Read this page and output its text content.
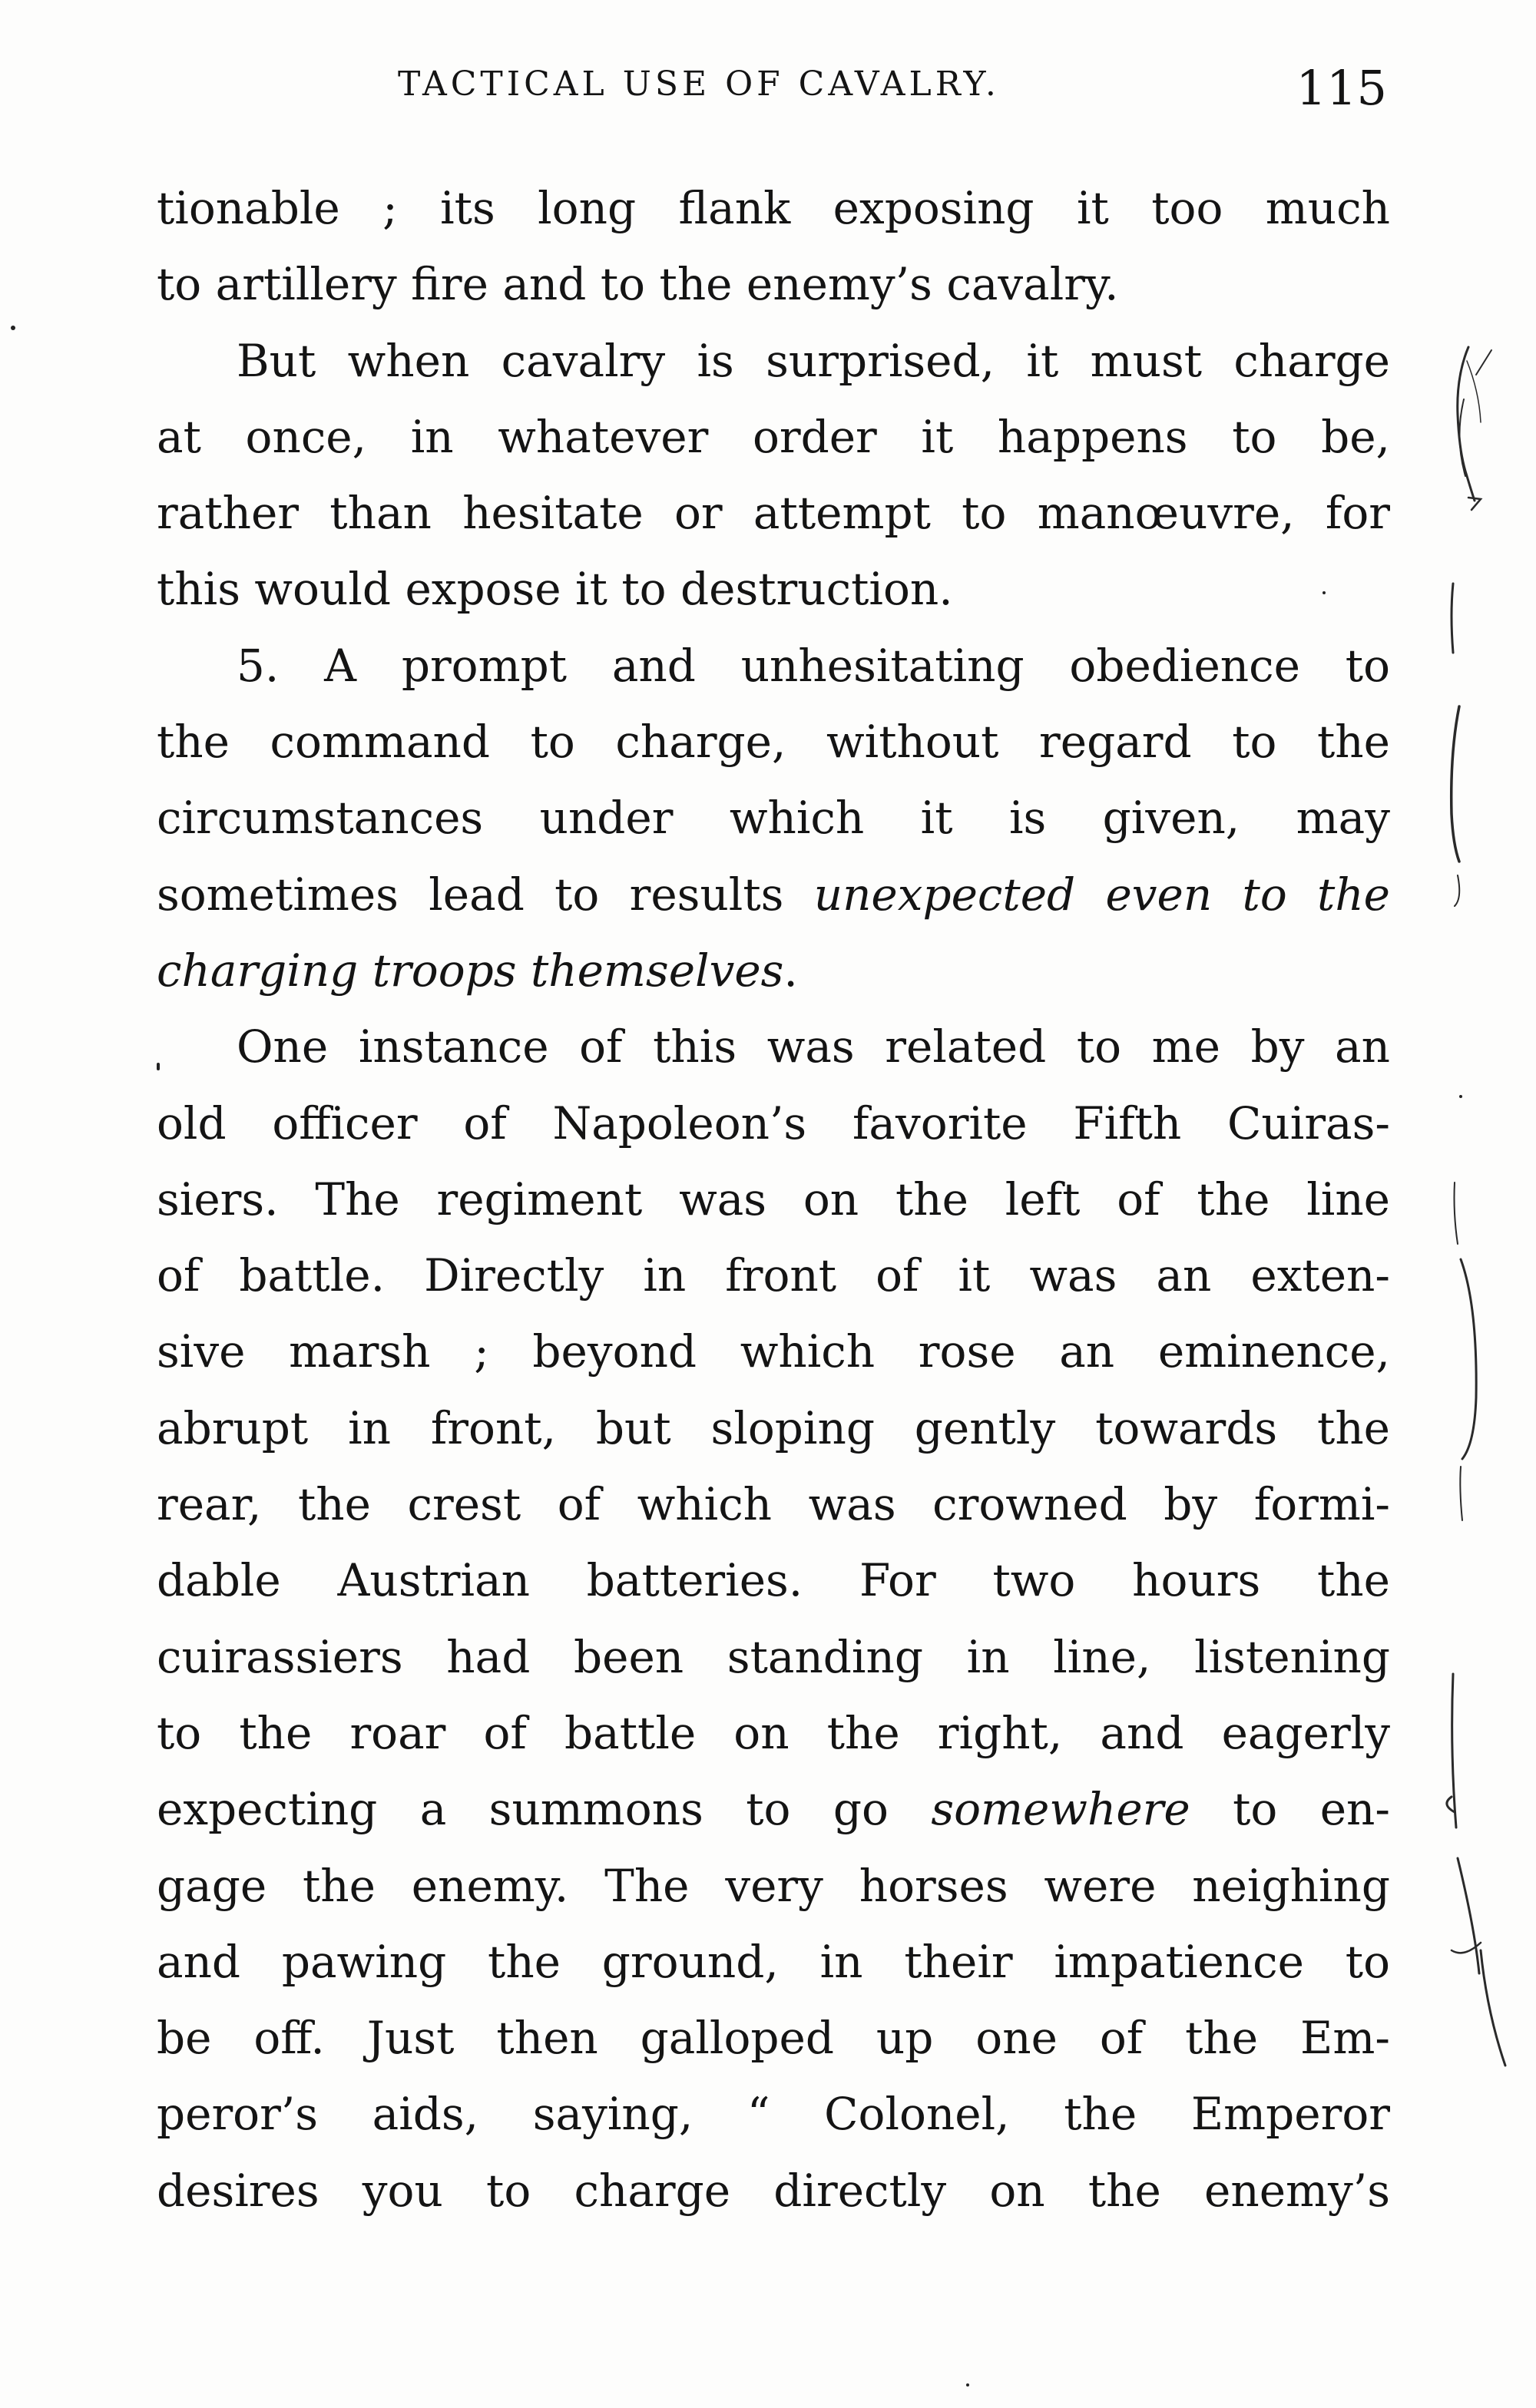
TACTICAL USE OF CAVALRY.	115
tionable ; its long flank exposing it too much
to artillery fire and to the enemy’s cavalry.
But when cavalry is surprised, it must charge
at once, in whatever order it happens to be,
rather than hesitate or attempt to manœuvre, for
this would expose it to destruction.
5. A prompt and unhesitating obedience to
the command to charge, without regard to the
circumstances under which it is given, may
sometimes lead to results unexpected even to the
charging troops themselves.
One instance of this was related to me by an
old officer of Napoleon’s favorite Fifth Cuiras-
siers. The regiment was on the left of the line
of battle. Directly in front of it was an exten-
sive marsh ; beyond which rose an eminence,
abrupt in front, but sloping gently towards the
rear, the crest of which was crowned by formi-
dable Austrian batteries. For two hours the
cuirassiers had been standing in line, listening
to the roar of battle on the right, and eagerly
expecting a summons to go somewhere to en-
gage the enemy. The very horses were neighing
and pawing the ground, in their impatience to
be off. Just then galloped up one of the Em-
peror’s aids, saying, “ Colonel, the Emperor
desires you to charge directly on the enemy’s
